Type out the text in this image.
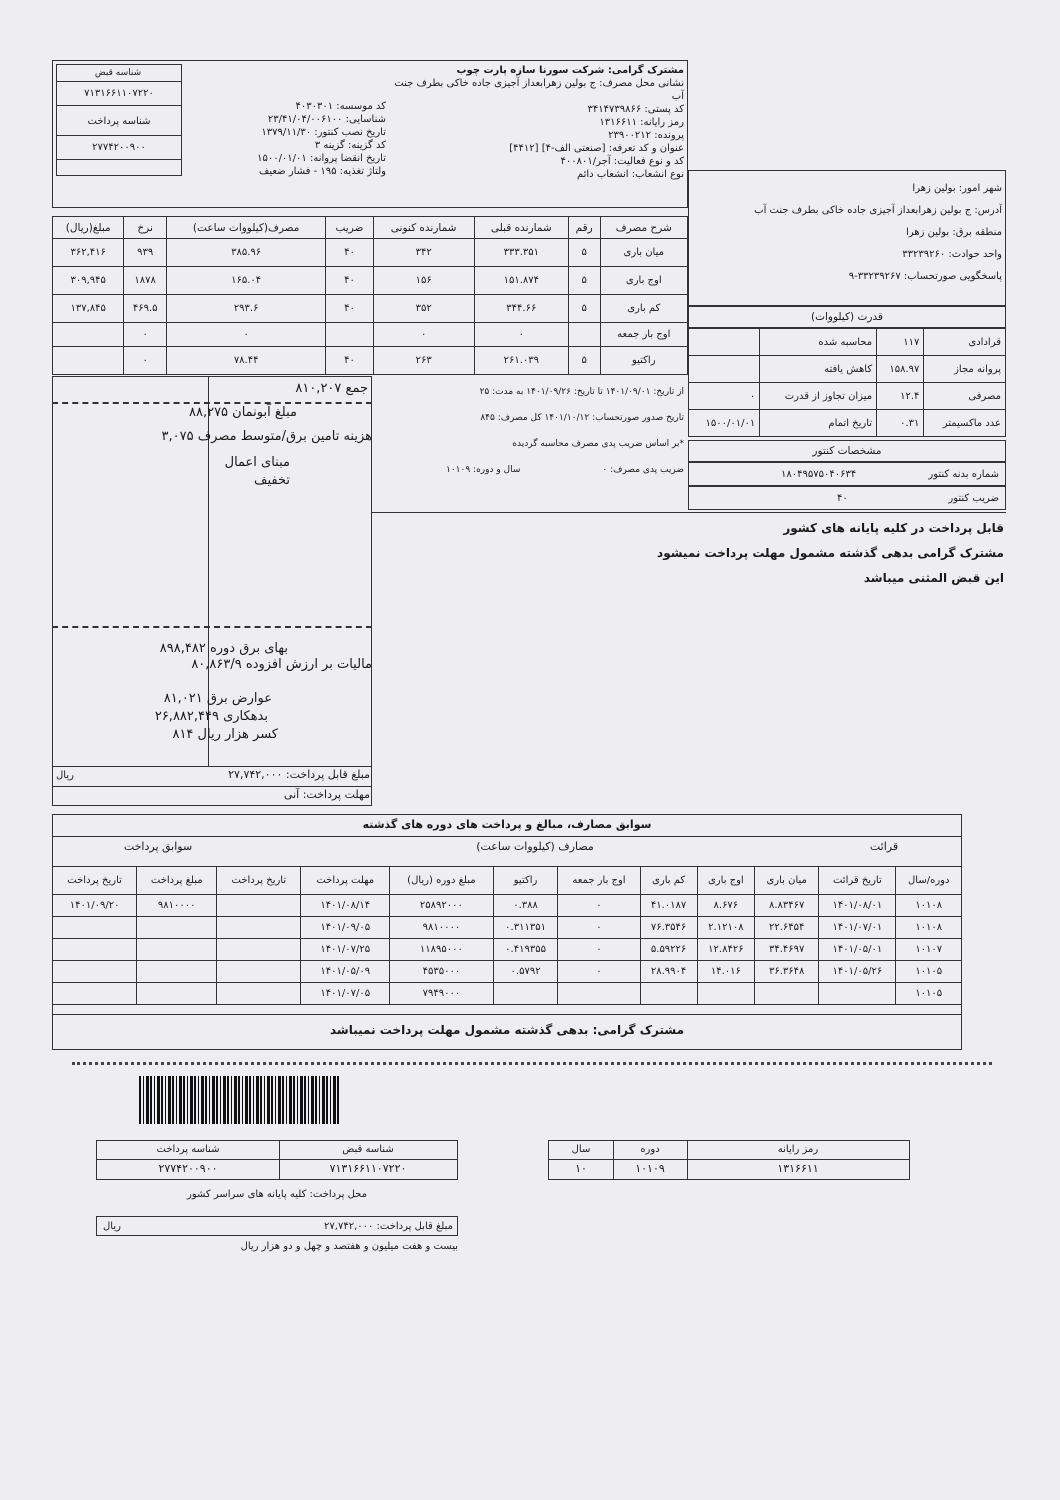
شناسه قبض
۷۱۳۱۶۶۱۱۰۷۲۲۰
شناسه پرداخت
۲۷۷۴۲۰۰۹۰۰
کد موسسه: ۴۰۳۰۳۰۱
شناسایی: ۲۳/۴۱/۰۴/۰۰۶۱۰۰
تاریخ نصب کنتور: ۱۳۷۹/۱۱/۳۰
کد گزینه: گزینه ۳
تاریخ انقضا پروانه: ۱۵۰۰/۰۱/۰۱
ولتاژ تغذیه: ۱۹۵ - فشار ضعیف
مشترک گرامی: شرکت سورنا سازه پارت چوب
نشانی محل مصرف: ج بولین زهرابعداز آجیزی جاده خاکی بطرف جنت آب
کد پستی: ۳۴۱۴۷۳۹۸۶۶
رمز رایانه: ۱۳۱۶۶۱۱
پرونده: ۲۳۹۰۰۲۱۲
عنوان و کد تعرفه: [صنعتی الف-۴] [۴۴۱۲]
کد و نوع فعالیت: آجر/۴۰۰۸۰۱
نوع انشعاب: انشعاب دائم
شهر امور: بولین زهرا
آدرس: ج بولین زهرابعداز آجیزی جاده خاکی بطرف جنت آب
منطقه برق: بولین زهرا
واحد حوادث: ۳۳۲۳۹۲۶۰
پاسخگویی صورتحساب: ۳۳۲۳۹۲۶۷-۹
شرح مصرف	رقم	شمارنده قبلی	شمارنده کنونی	ضریب	مصرف(کیلووات ساعت)	نرخ	مبلغ(ریال)
میان باری	۵	۳۳۳.۳۵۱	۳۴۲	۴۰	۳۸۵.۹۶	۹۳۹	۳۶۲,۴۱۶
اوج باری	۵	۱۵۱.۸۷۴	۱۵۶	۴۰	۱۶۵.۰۴	۱۸۷۸	۳۰۹,۹۴۵
کم باری	۵	۳۴۴.۶۶	۳۵۲	۴۰	۲۹۳.۶	۴۶۹.۵	۱۳۷,۸۴۵
اوج بار جمعه		۰	۰		۰	۰	
راکتیو	۵	۲۶۱.۰۳۹	۲۶۳	۴۰	۷۸.۴۴	۰	
قدرت (کیلووات)
قرادادی	۱۱۷	محاسبه شده	
پروانه مجاز	۱۵۸.۹۷	کاهش یافته	
مصرفی	۱۲.۴	میزان تجاوز از قدرت	۰
عدد ماکسیمتر	۰.۳۱	تاریخ اتمام	۱۵۰۰/۰۱/۰۱
مشخصات کنتور
شماره بدنه کنتور
۱۸۰۴۹۵۷۵۰۴۰۶۳۴
ضریب کنتور
۴۰
از تاریخ: ۱۴۰۱/۰۹/۰۱ تا تاریخ: ۱۴۰۱/۰۹/۲۶ به مدت: ۲۵
تاریخ صدور صورتحساب: ۱۴۰۱/۱۰/۱۲ کل مصرف: ۸۴۵
*بر اساس ضریب پدی مصرف محاسبه گردیده
ضریب پدی مصرف: ۰
سال و دوره: ۱۰۱۰۹
جمع ۸۱۰,۲۰۷
مبلغ آبونمان ۸۸,۲۷۵
هزینه تامین برق/متوسط مصرف ۳,۰۷۵
مبنای اعمال تخفیف
بهای برق دوره ۸۹۸,۴۸۲
مالیات بر ارزش افزوده ۸۰,۸۶۳/۹
عوارض برق ۸۱,۰۲۱
بدهکاری ۲۶,۸۸۲,۴۴۹
کسر هزار ریال ۸۱۴
مبلغ قابل پرداخت: ۲۷,۷۴۲,۰۰۰
ریال
مهلت پرداخت: آنی
قابل پرداخت در کلیه پایانه های کشور
مشترک گرامی بدهی گذشته مشمول مهلت پرداخت نمیشود
این قبض المثنی میباشد
سوابق مصارف، مبالغ و پرداخت های دوره های گذشته
قرائت
مصارف (کیلووات ساعت)
سوابق پرداخت
دوره/سال	تاریخ قرائت	میان باری	اوج باری	کم باری	اوج بار جمعه	راکتیو	مبلغ دوره (ریال)	مهلت پرداخت	تاریخ پرداخت	مبلغ پرداخت	تاریخ پرداخت
۱۰۱۰۸	۱۴۰۱/۰۸/۰۱	۸.۸۳۴۶۷	۸.۶۷۶	۴۱.۰۱۸۷	۰	۰.۳۸۸	۲۵۸۹۲۰۰۰	۱۴۰۱/۰۸/۱۴		۹۸۱۰۰۰۰	۱۴۰۱/۰۹/۲۰
۱۰۱۰۸	۱۴۰۱/۰۷/۰۱	۲۲.۶۴۵۴	۲.۱۲۱۰۸	۷۶.۳۵۴۶	۰	۰.۳۱۱۳۵۱	۹۸۱۰۰۰۰	۱۴۰۱/۰۹/۰۵			
۱۰۱۰۷	۱۴۰۱/۰۵/۰۱	۳۴.۴۶۹۷	۱۲.۸۴۲۶	۵.۵۹۲۲۶	۰	۰.۴۱۹۳۵۵	۱۱۸۹۵۰۰۰	۱۴۰۱/۰۷/۲۵			
۱۰۱۰۵	۱۴۰۱/۰۵/۲۶	۳۶.۳۶۴۸	۱۴.۰۱۶	۲۸.۹۹۰۴	۰	۰.۵۷۹۲	۴۵۳۵۰۰۰	۱۴۰۱/۰۵/۰۹			
۱۰۱۰۵							۷۹۴۹۰۰۰	۱۴۰۱/۰۷/۰۵			
مشترک گرامی: بدهی گذشته مشمول مهلت پرداخت نمیباشد
شناسه پرداخت	شناسه قبض
۲۷۷۴۲۰۰۹۰۰	۷۱۳۱۶۶۱۱۰۷۲۲۰
سال	دوره	رمز رایانه
۱۰	۱۰۱۰۹	۱۳۱۶۶۱۱
محل پرداخت: کلیه پایانه های سراسر کشور
مبلغ قابل پرداخت: ۲۷,۷۴۲,۰۰۰
ریال
بیست و هفت میلیون و هفتصد و چهل و دو هزار ریال
